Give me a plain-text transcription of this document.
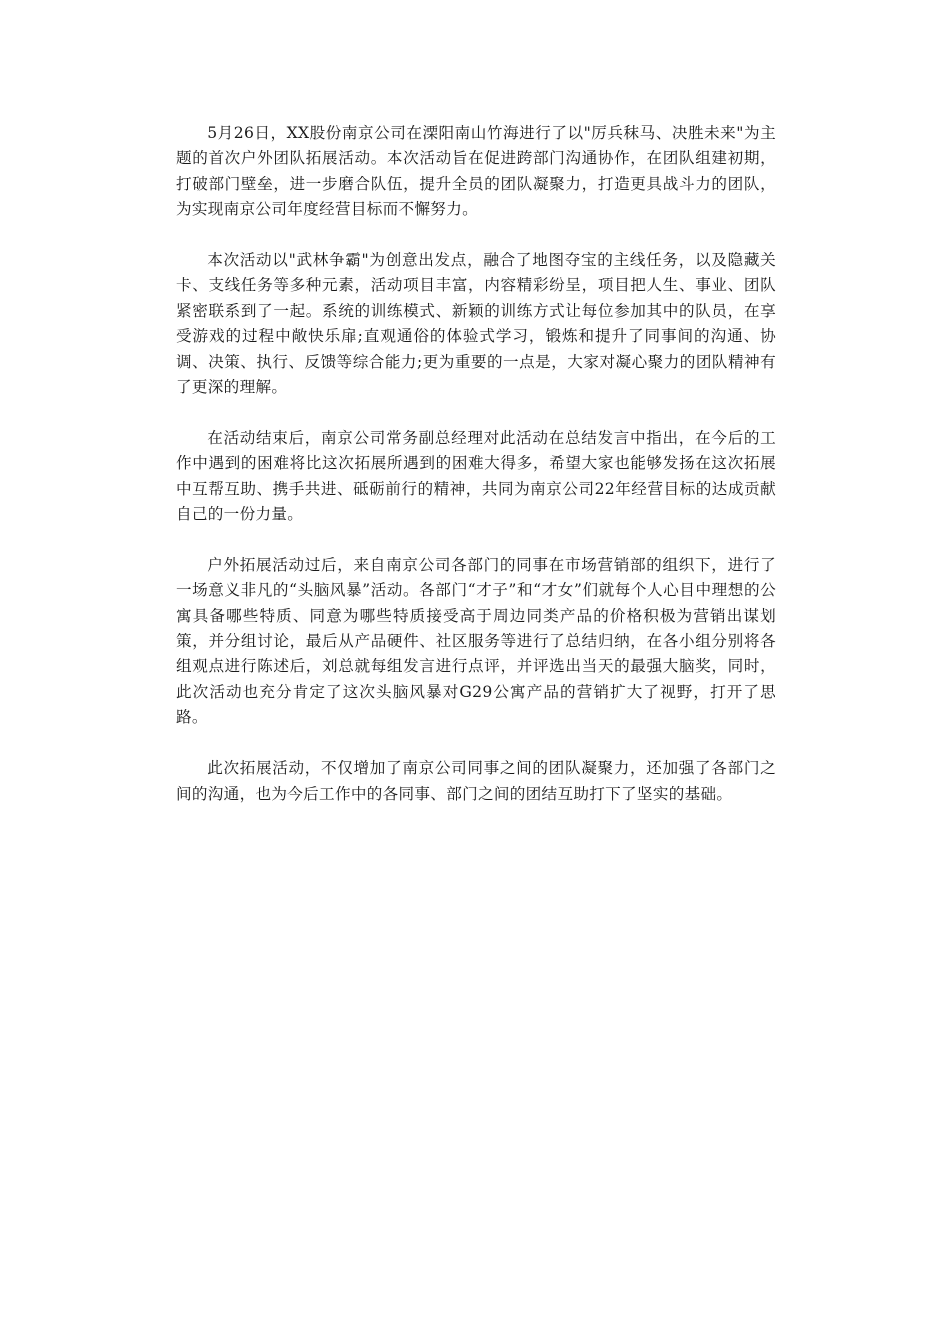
5月26日，XX股份南京公司在溧阳南山竹海进行了以"厉兵秣马、决胜未来"为主题的首次户外团队拓展活动。本次活动旨在促进跨部门沟通协作，在团队组建初期，打破部门壁垒，进一步磨合队伍，提升全员的团队凝聚力，打造更具战斗力的团队，为实现南京公司年度经营目标而不懈努力。

本次活动以"武林争霸"为创意出发点，融合了地图夺宝的主线任务，以及隐藏关卡、支线任务等多种元素，活动项目丰富，内容精彩纷呈，项目把人生、事业、团队紧密联系到了一起。系统的训练模式、新颖的训练方式让每位参加其中的队员，在享受游戏的过程中敞快乐扉;直观通俗的体验式学习，锻炼和提升了同事间的沟通、协调、决策、执行、反馈等综合能力;更为重要的一点是，大家对凝心聚力的团队精神有了更深的理解。

在活动结束后，南京公司常务副总经理对此活动在总结发言中指出，在今后的工作中遇到的困难将比这次拓展所遇到的困难大得多，希望大家也能够发扬在这次拓展中互帮互助、携手共进、砥砺前行的精神，共同为南京公司22年经营目标的达成贡献自己的一份力量。

户外拓展活动过后，来自南京公司各部门的同事在市场营销部的组织下，进行了一场意义非凡的“头脑风暴”活动。各部门“才子”和“才女”们就每个人心目中理想的公寓具备哪些特质、同意为哪些特质接受高于周边同类产品的价格积极为营销出谋划策，并分组讨论，最后从产品硬件、社区服务等进行了总结归纳，在各小组分别将各组观点进行陈述后，刘总就每组发言进行点评，并评选出当天的最强大脑奖，同时，此次活动也充分肯定了这次头脑风暴对G29公寓产品的营销扩大了视野，打开了思路。

此次拓展活动，不仅增加了南京公司同事之间的团队凝聚力，还加强了各部门之间的沟通，也为今后工作中的各同事、部门之间的团结互助打下了坚实的基础。
